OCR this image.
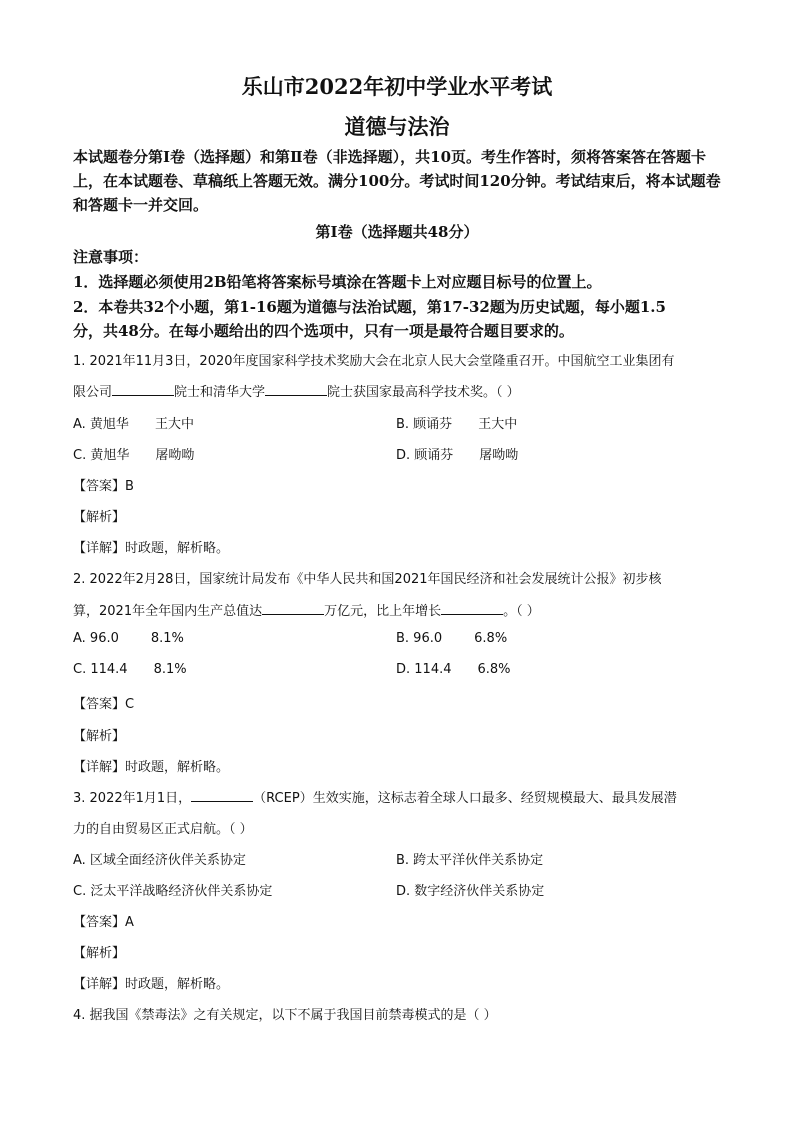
乐山市2022年初中学业水平考试
道德与法治
本试题卷分第Ⅰ卷（选择题）和第Ⅱ卷（非选择题），共10页。考生作答时，须将答案答在答题卡上，在本试题卷、草稿纸上答题无效。满分100分。考试时间120分钟。考试结束后，将本试题卷和答题卡一并交回。
第Ⅰ卷（选择题共48分）
注意事项：
1．选择题必须使用2B铅笔将答案标号填涂在答题卡上对应题目标号的位置上。
2．本卷共32个小题，第1-16题为道德与法治试题，第17-32题为历史试题，每小题1.5
分，共48分。在每小题给出的四个选项中，只有一项是最符合题目要求的。
1. 2021年11月3日，2020年度国家科学技术奖励大会在北京人民大会堂隆重召开。中国航空工业集团有
限公司	院士和清华大学	院士获国家最高科学技术奖。（ ）
A. 黄旭华 王大中	B. 顾诵芬 王大中
C. 黄旭华 屠呦呦	D. 顾诵芬 屠呦呦
【答案】B
【解析】
【详解】时政题，解析略。
2. 2022年2月28日，国家统计局发布《中华人民共和国2021年国民经济和社会发展统计公报》初步核
算，2021年全年国内生产总值达	万亿元，比上年增长	。（ ）
A. 96.0 8.1%	B. 96.0 6.8%
C. 114.4 8.1%	D. 114.4 6.8%
【答案】C
【解析】
【详解】时政题，解析略。
3. 2022年1月1日，	（RCEP）生效实施，这标志着全球人口最多、经贸规模最大、最具发展潜
力的自由贸易区正式启航。（ ）
A. 区域全面经济伙伴关系协定	B. 跨太平洋伙伴关系协定
C. 泛太平洋战略经济伙伴关系协定	D. 数字经济伙伴关系协定
【答案】A
【解析】
【详解】时政题，解析略。
4. 据我国《禁毒法》之有关规定，以下不属于我国目前禁毒模式的是（ ）
